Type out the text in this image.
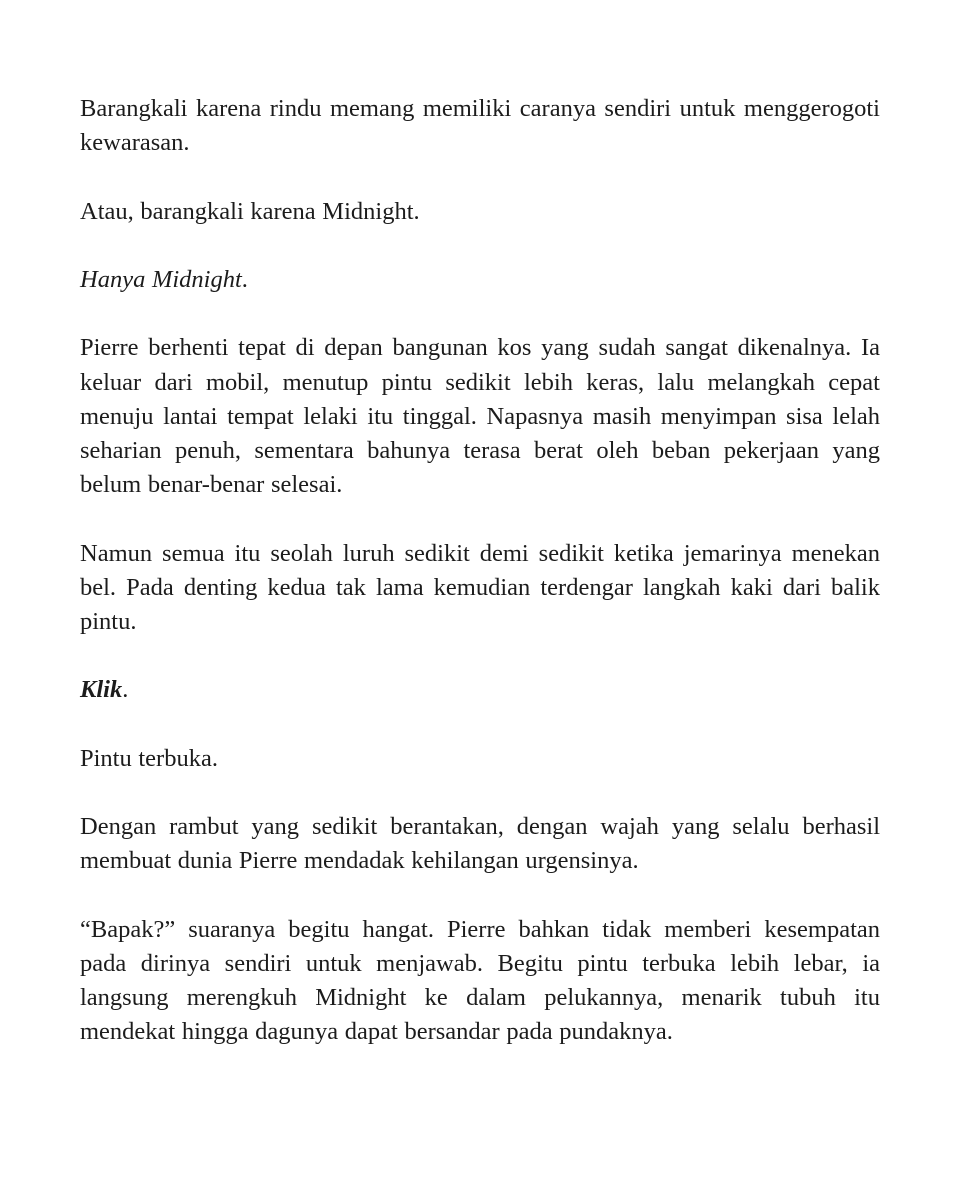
Barangkali karena rindu memang memiliki caranya sendiri untuk menggerogoti kewarasan.

Atau, barangkali karena Midnight.

Hanya Midnight.

Pierre berhenti tepat di depan bangunan kos yang sudah sangat dikenalnya. Ia keluar dari mobil, menutup pintu sedikit lebih keras, lalu melangkah cepat menuju lantai tempat lelaki itu tinggal. Napasnya masih menyimpan sisa lelah seharian penuh, sementara bahunya terasa berat oleh beban pekerjaan yang belum benar-benar selesai.

Namun semua itu seolah luruh sedikit demi sedikit ketika jemarinya menekan bel. Pada denting kedua tak lama kemudian terdengar langkah kaki dari balik pintu.

Klik.

Pintu terbuka.

Dengan rambut yang sedikit berantakan, dengan wajah yang selalu berhasil membuat dunia Pierre mendadak kehilangan urgensinya.

“Bapak?” suaranya begitu hangat. Pierre bahkan tidak memberi kesempatan pada dirinya sendiri untuk menjawab. Begitu pintu terbuka lebih lebar, ia langsung merengkuh Midnight ke dalam pelukannya, menarik tubuh itu mendekat hingga dagunya dapat bersandar pada pundaknya.
